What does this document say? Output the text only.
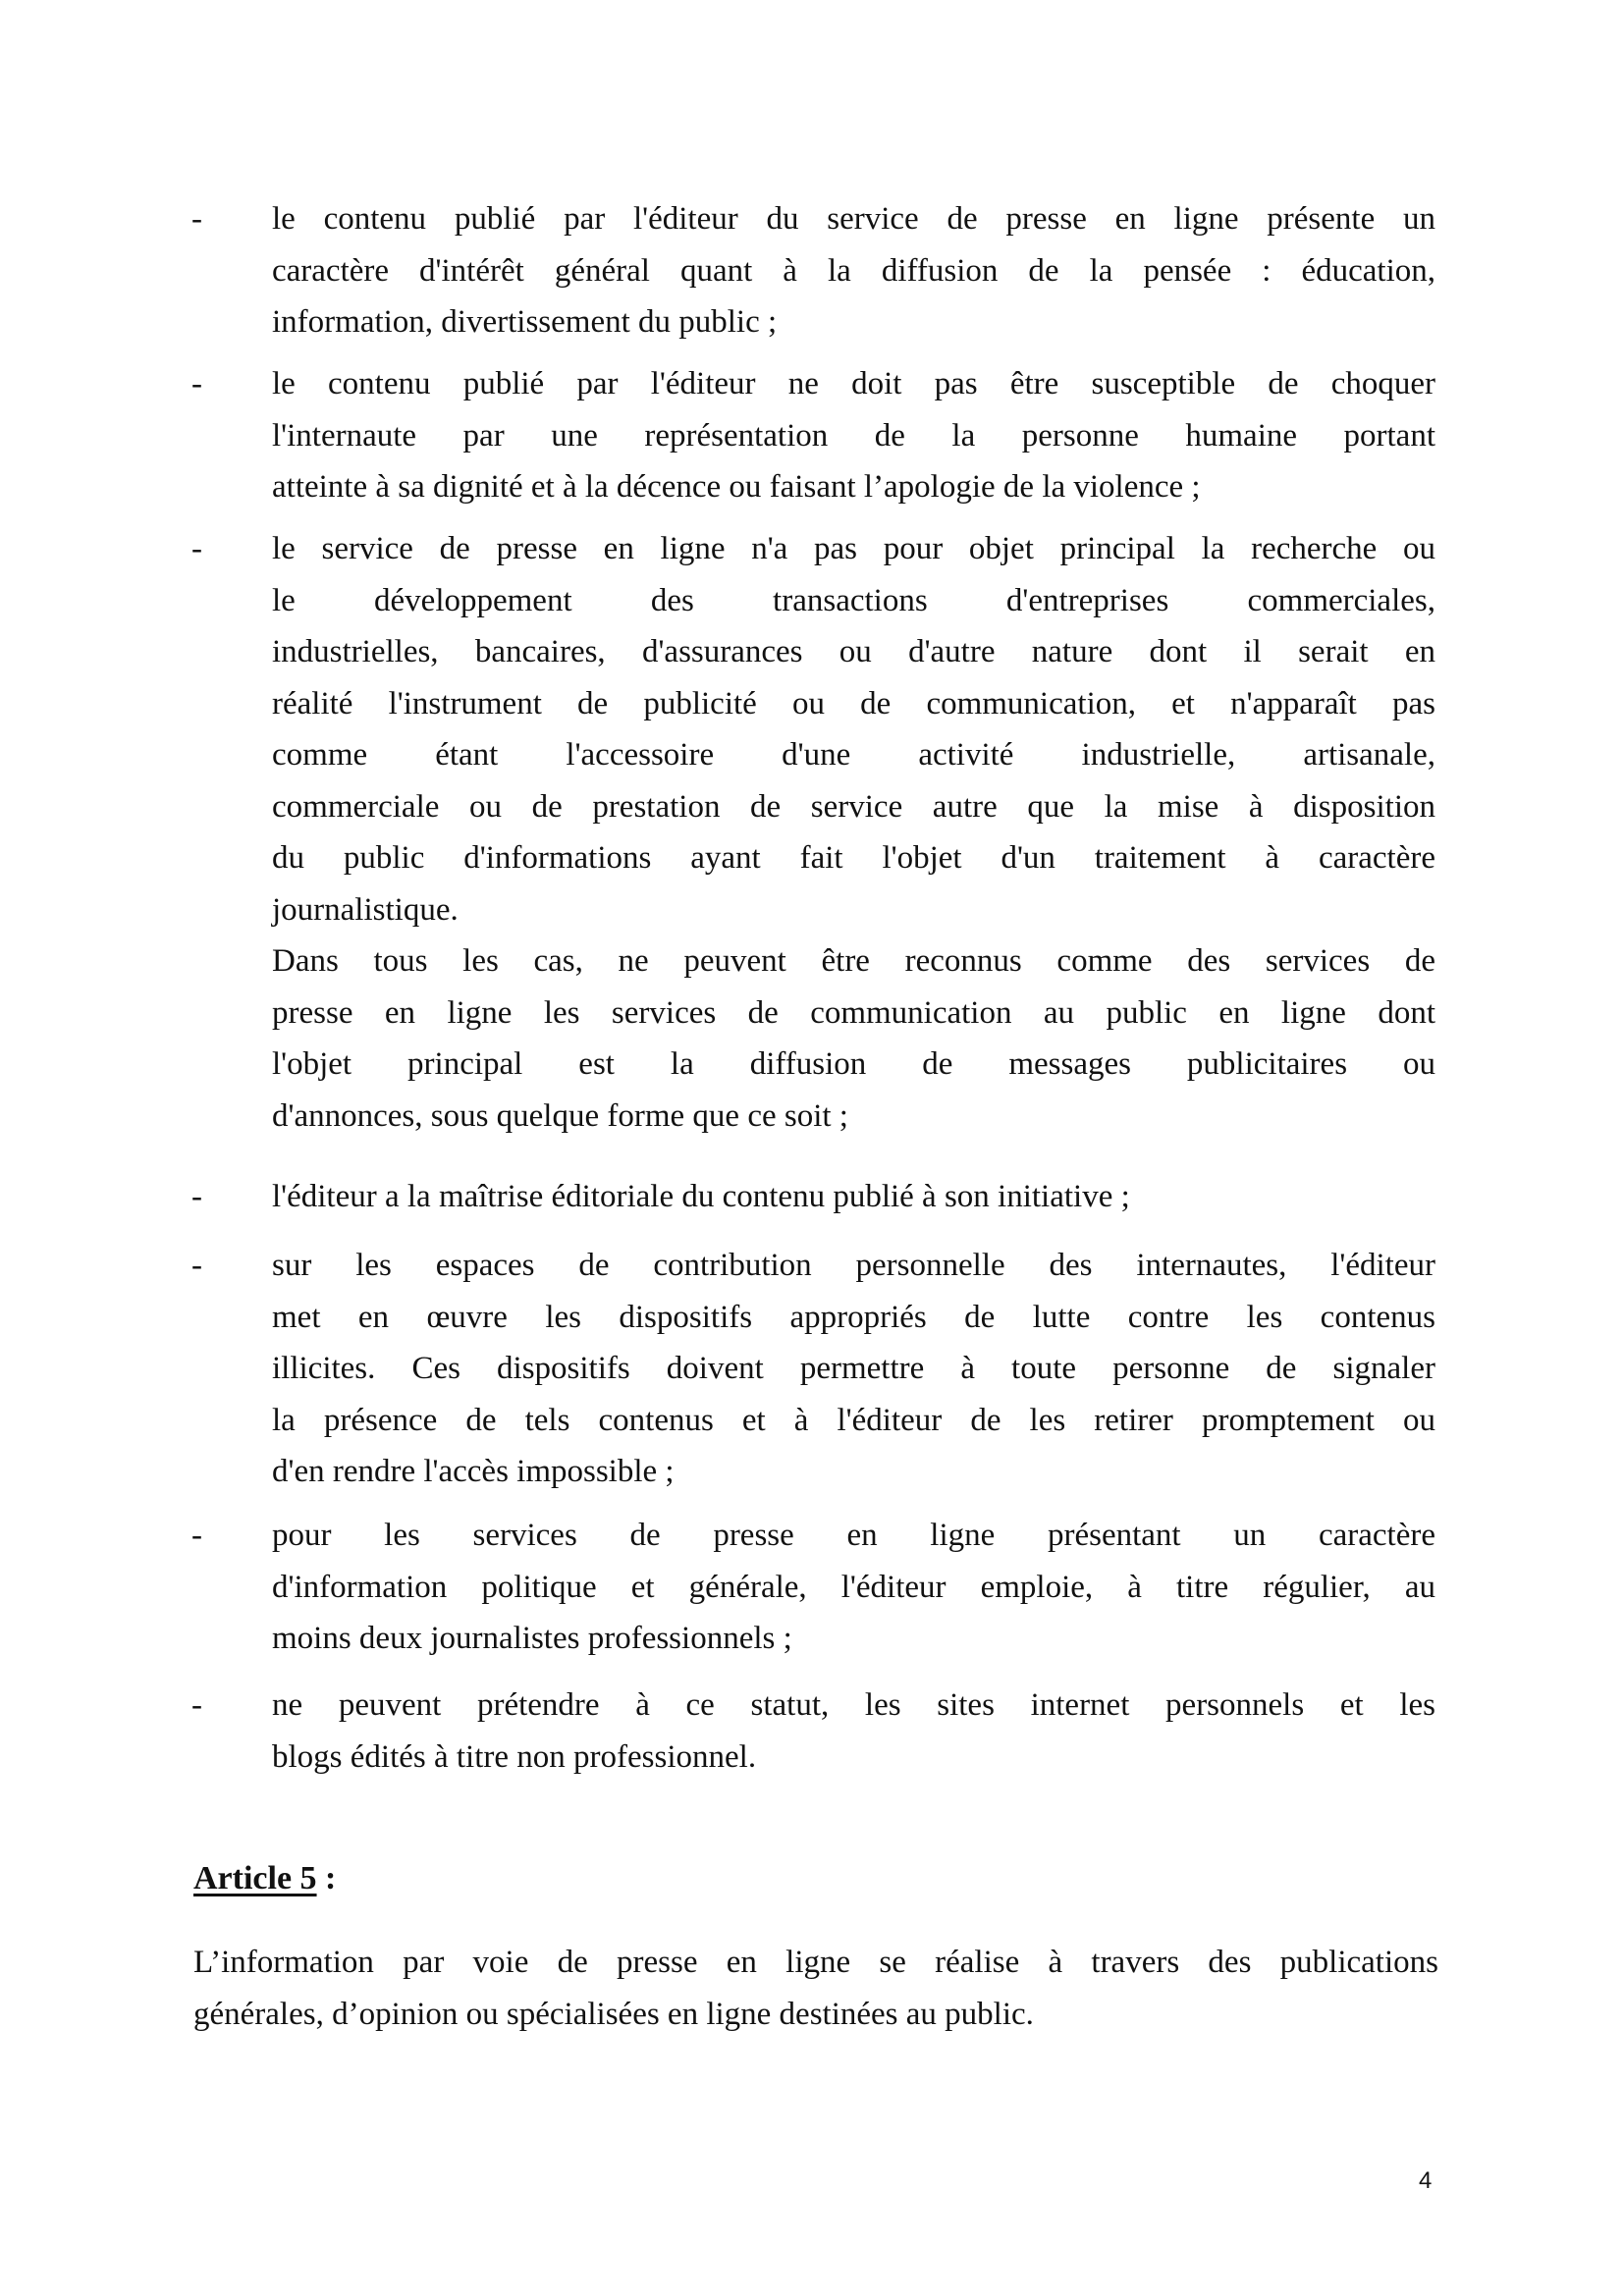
- le contenu publié par l'éditeur du service de presse en ligne présente un
caractère d'intérêt général quant à la diffusion de la pensée : éducation,
information, divertissement du public ;
- le contenu publié par l'éditeur ne doit pas être susceptible de choquer
l'internaute par une représentation de la personne humaine portant
atteinte à sa dignité et à la décence ou faisant l’apologie de la violence ;
- le service de presse en ligne n'a pas pour objet principal la recherche ou
le développement des transactions d'entreprises commerciales,
industrielles, bancaires, d'assurances ou d'autre nature dont il serait en
réalité l'instrument de publicité ou de communication, et n'apparaît pas
comme étant l'accessoire d'une activité industrielle, artisanale,
commerciale ou de prestation de service autre que la mise à disposition
du public d'informations ayant fait l'objet d'un traitement à caractère
journalistique.
Dans tous les cas, ne peuvent être reconnus comme des services de
presse en ligne les services de communication au public en ligne dont
l'objet principal est la diffusion de messages publicitaires ou
d'annonces, sous quelque forme que ce soit ;
- l'éditeur a la maîtrise éditoriale du contenu publié à son initiative ;
- sur les espaces de contribution personnelle des internautes, l'éditeur
met en œuvre les dispositifs appropriés de lutte contre les contenus
illicites. Ces dispositifs doivent permettre à toute personne de signaler
la présence de tels contenus et à l'éditeur de les retirer promptement ou
d'en rendre l'accès impossible ;
- pour les services de presse en ligne présentant un caractère
d'information politique et générale, l'éditeur emploie, à titre régulier, au
moins deux journalistes professionnels ;
- ne peuvent prétendre à ce statut, les sites internet personnels et les
blogs édités à titre non professionnel.
Article 5 :
L’information par voie de presse en ligne se réalise à travers des publications
générales, d’opinion ou spécialisées en ligne destinées au public.
4
